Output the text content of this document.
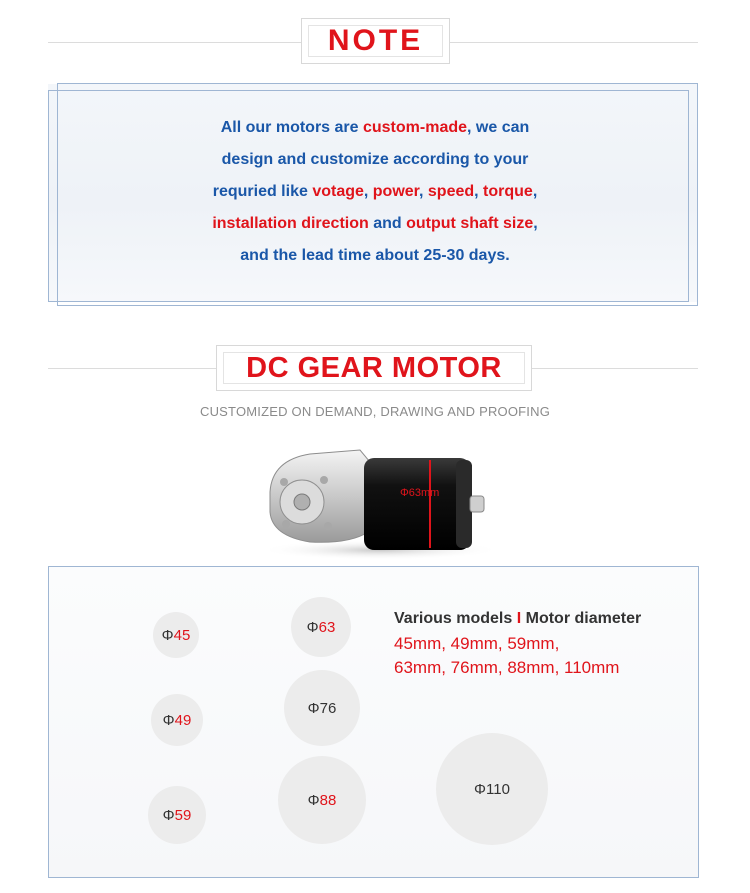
NOTE
All our motors are custom-made, we can
design and customize according to your
requried like votage, power, speed, torque,
installation direction and output shaft size,
and the lead time about 25-30 days.
DC GEAR MOTOR
CUSTOMIZED ON DEMAND, DRAWING AND PROOFING
Φ63mm
Φ 45
Φ 49
Φ 59
Φ 63
Φ 76
Φ 88
Φ 110
Various models I Motor diameter
45mm, 49mm, 59mm,
63mm, 76mm, 88mm, 110mm
